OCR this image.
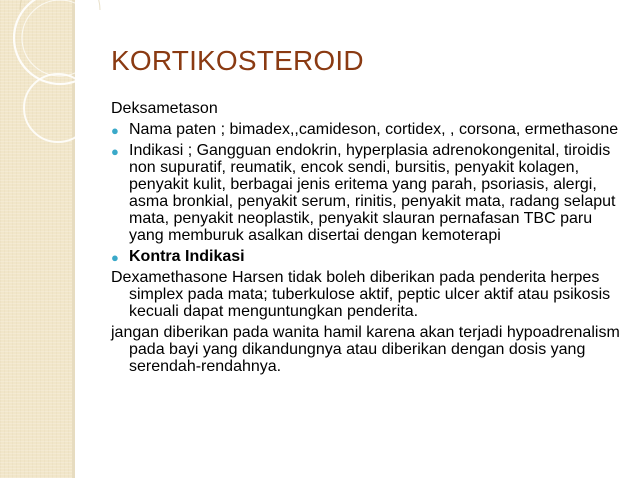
KORTIKOSTEROID

Deksametason

● Nama paten ; bimadex,,camideson, cortidex, , corsona, ermethasone
● Indikasi ; Gangguan endokrin, hyperplasia adrenokongenital, tiroidis non supuratif, reumatik, encok sendi, bursitis, penyakit kolagen, penyakit kulit, berbagai jenis eritema yang parah, psoriasis, alergi, asma bronkial, penyakit serum, rinitis, penyakit mata, radang selaput mata, penyakit neoplastik, penyakit slauran pernafasan TBC paru yang memburuk asalkan disertai dengan kemoterapi
● Kontra Indikasi

Dexamethasone Harsen tidak boleh diberikan pada penderita herpes simplex pada mata; tuberkulose aktif, peptic ulcer aktif atau psikosis kecuali dapat menguntungkan penderita.

jangan diberikan pada wanita hamil karena akan terjadi hypoadrenalism pada bayi yang dikandungnya atau diberikan dengan dosis yang serendah-rendahnya.
